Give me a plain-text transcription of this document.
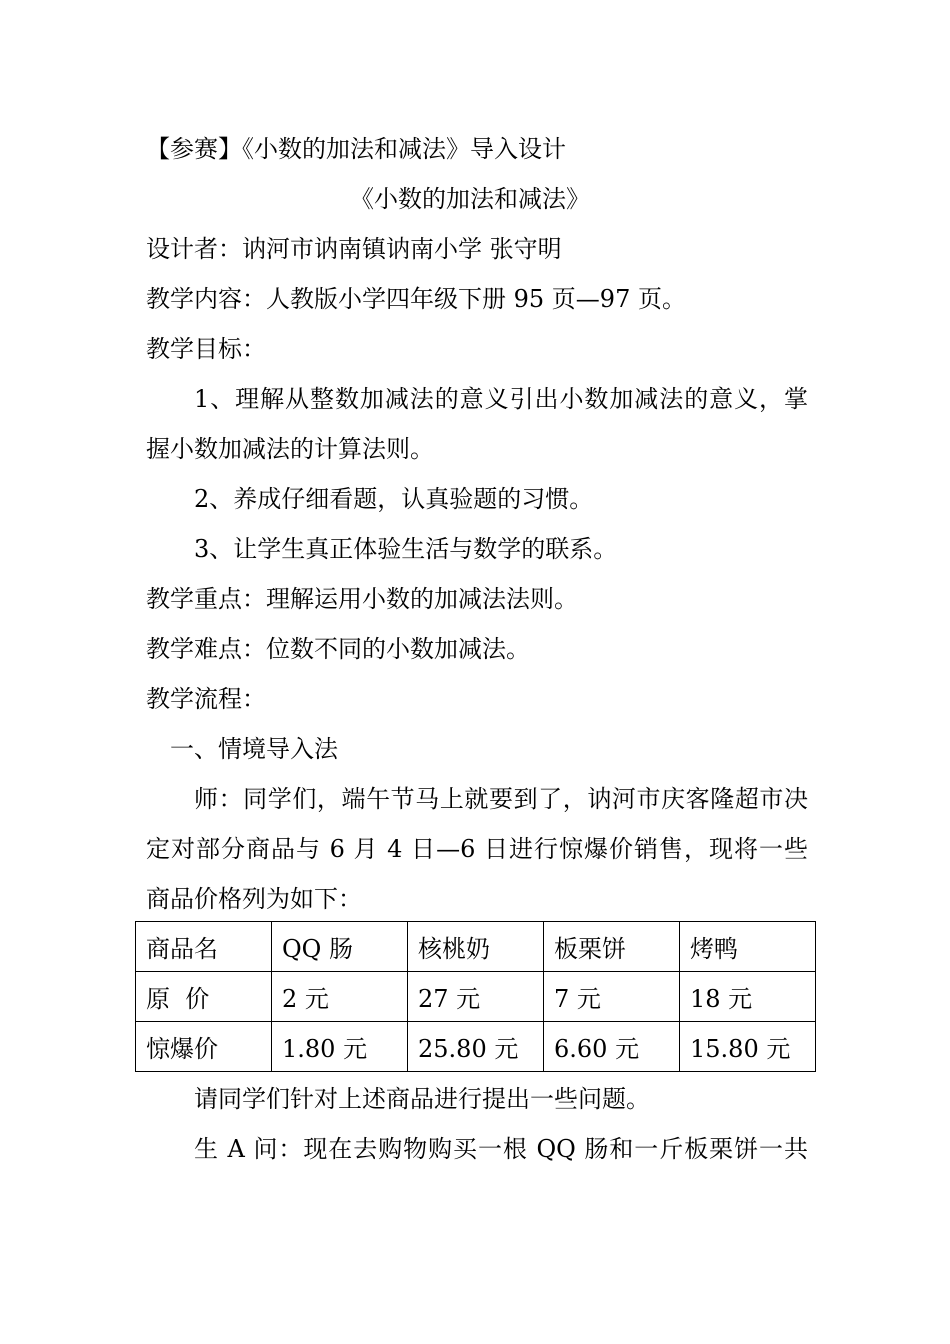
【参赛】《小数的加法和减法》导入设计
《小数的加法和减法》
设计者：讷河市讷南镇讷南小学 张守明
教学内容：人教版小学四年级下册 95 页—97 页。
教学目标：
1、理解从整数加减法的意义引出小数加减法的意义，掌
握小数加减法的计算法则。
2、养成仔细看题，认真验题的习惯。
3、让学生真正体验生活与数学的联系。
教学重点：理解运用小数的加减法法则。
教学难点：位数不同的小数加减法。
教学流程：
一、情境导入法
师：同学们，端午节马上就要到了，讷河市庆客隆超市决
定对部分商品与 6 月 4 日—6 日进行惊爆价销售，现将一些
商品价格列为如下：
商品名	QQ 肠	核桃奶	板栗饼	烤鸭
原  价	2 元	27 元	7 元	18 元
惊爆价	1.80 元	25.80 元	6.60 元	15.80 元
请同学们针对上述商品进行提出一些问题。
生 A 问：现在去购物购买一根 QQ 肠和一斤板栗饼一共
